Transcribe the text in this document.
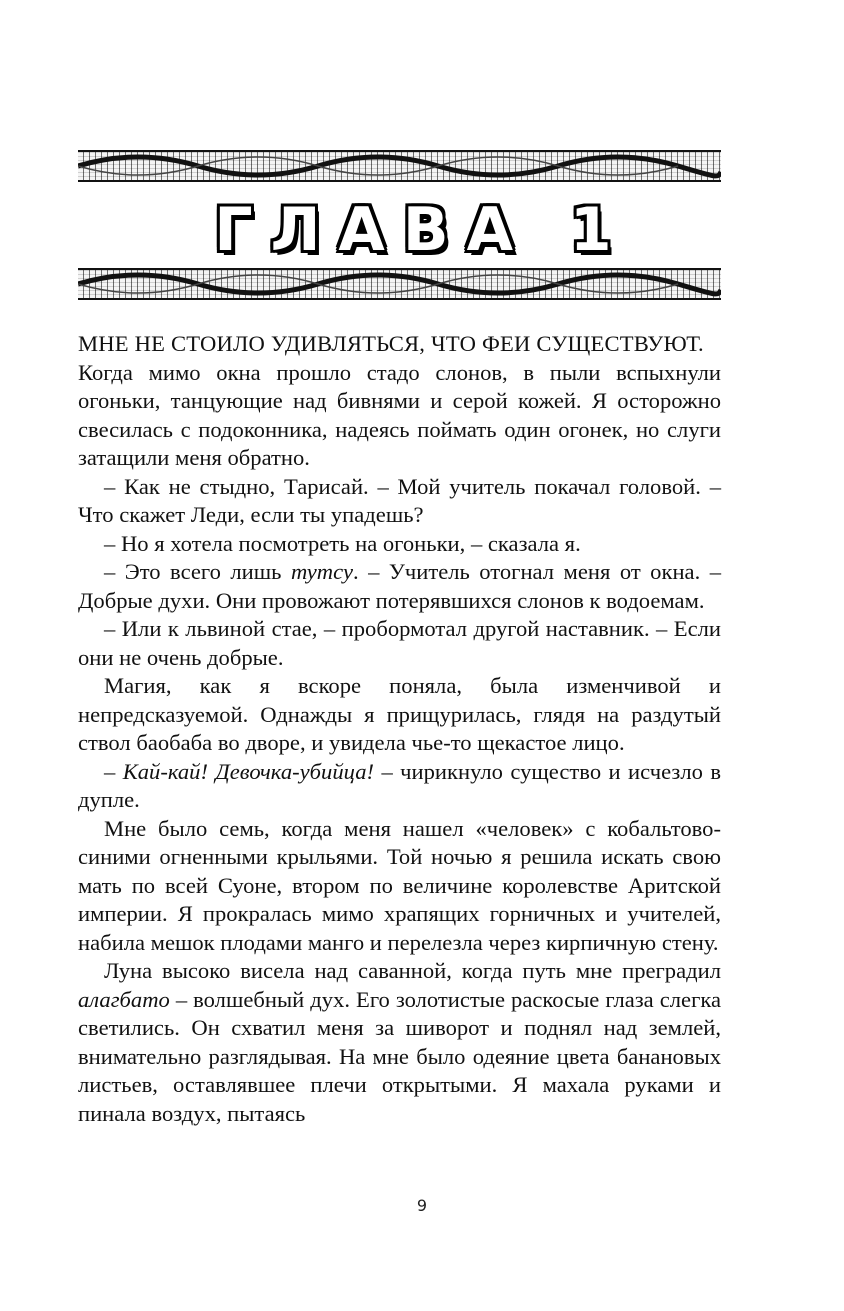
ГЛАВА 1

МНЕ НЕ СТОИЛО УДИВЛЯТЬСЯ, ЧТО ФЕИ СУЩЕСТВУЮТ.
Когда мимо окна прошло стадо слонов, в пыли вспыхнули огоньки, танцующие над бивнями и серой кожей. Я осторожно свесилась с подоконника, надеясь поймать один огонек, но слуги затащили меня обратно.

– Как не стыдно, Тарисай. – Мой учитель покачал головой. – Что скажет Леди, если ты упадешь?

– Но я хотела посмотреть на огоньки, – сказала я.

– Это всего лишь тутсу. – Учитель отогнал меня от окна. – Добрые духи. Они провожают потерявшихся слонов к водоемам.

– Или к львиной стае, – пробормотал другой наставник. – Если они не очень добрые.

Магия, как я вскоре поняла, была изменчивой и непредсказуемой. Однажды я прищурилась, глядя на раздутый ствол баобаба во дворе, и увидела чье-то щекастое лицо.

– Кай-кай! Девочка-убийца! – чирикнуло существо и исчезло в дупле.

Мне было семь, когда меня нашел «человек» с кобальтово-синими огненными крыльями. Той ночью я решила искать свою мать по всей Суоне, втором по величине королевстве Аритской империи. Я прокралась мимо храпящих горничных и учителей, набила мешок плодами манго и перелезла через кирпичную стену.

Луна высоко висела над саванной, когда путь мне преградил алагбато – волшебный дух. Его золотистые раскосые глаза слегка светились. Он схватил меня за шиворот и поднял над землей, внимательно разглядывая. На мне было одеяние цвета банановых листьев, оставлявшее плечи открытыми. Я махала руками и пинала воздух, пытаясь

9
